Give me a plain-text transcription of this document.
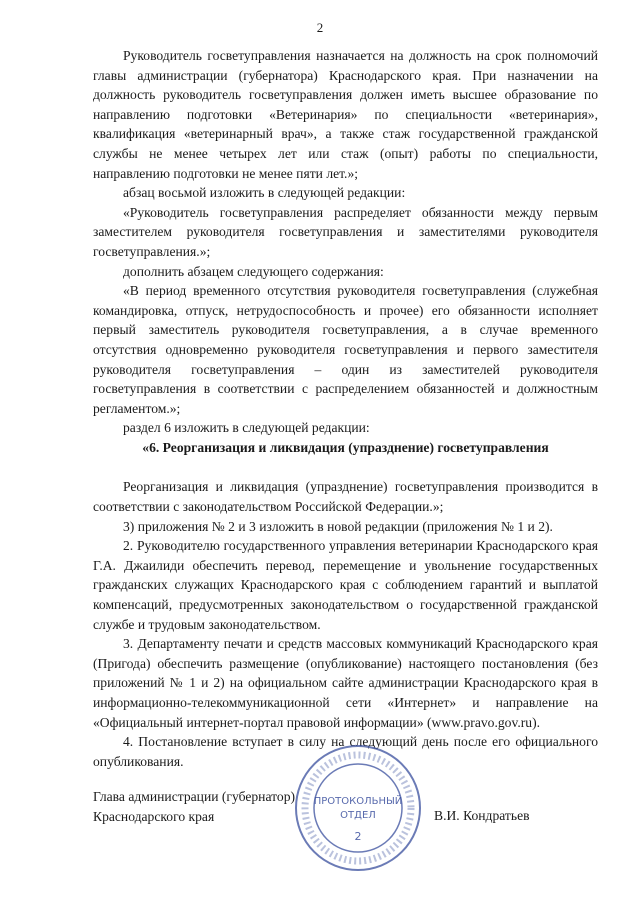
2

Руководитель госветуправления назначается на должность на срок полномочий главы администрации (губернатора) Краснодарского края. При назначении на должность руководитель госветуправления должен иметь высшее образование по направлению подготовки «Ветеринария» по специальности «ветеринария», квалификация «ветеринарный врач», а также стаж государственной гражданской службы не менее четырех лет или стаж (опыт) работы по специальности, направлению подготовки не менее пяти лет.»;

абзац восьмой изложить в следующей редакции:

«Руководитель госветуправления распределяет обязанности между первым заместителем руководителя госветуправления и заместителями руководителя госветуправления.»;

дополнить абзацем следующего содержания:

«В период временного отсутствия руководителя госветуправления (служебная командировка, отпуск, нетрудоспособность и прочее) его обязанности исполняет первый заместитель руководителя госветуправления, а в случае временного отсутствия одновременно руководителя госветуправления и первого заместителя руководителя госветуправления – один из заместителей руководителя госветуправления в соответствии с распределением обязанностей и должностным регламентом.»;

раздел 6 изложить в следующей редакции:

«6. Реорганизация и ликвидация (упразднение) госветуправления

Реорганизация и ликвидация (упразднение) госветуправления производится в соответствии с законодательством Российской Федерации.»;

3) приложения № 2 и 3 изложить в новой редакции (приложения № 1 и 2).

2. Руководителю государственного управления ветеринарии Краснодарского края Г.А. Джаилиди обеспечить перевод, перемещение и увольнение государственных гражданских служащих Краснодарского края с соблюдением гарантий и выплатой компенсаций, предусмотренных законодательством о государственной гражданской службе и трудовым законодательством.

3. Департаменту печати и средств массовых коммуникаций Краснодарского края (Пригода) обеспечить размещение (опубликование) настоящего постановления (без приложений № 1 и 2) на официальном сайте администрации Краснодарского края в информационно-телекоммуникационной сети «Интернет» и направление на «Официальный интернет-портал правовой информации» (www.pravo.gov.ru).

4. Постановление вступает в силу на следующий день после его официального опубликования.

Глава администрации (губернатор)
Краснодарского края	В.И. Кондратьев
ПРОТОКОЛЬНЫЙ
ОТДЕЛ
2
